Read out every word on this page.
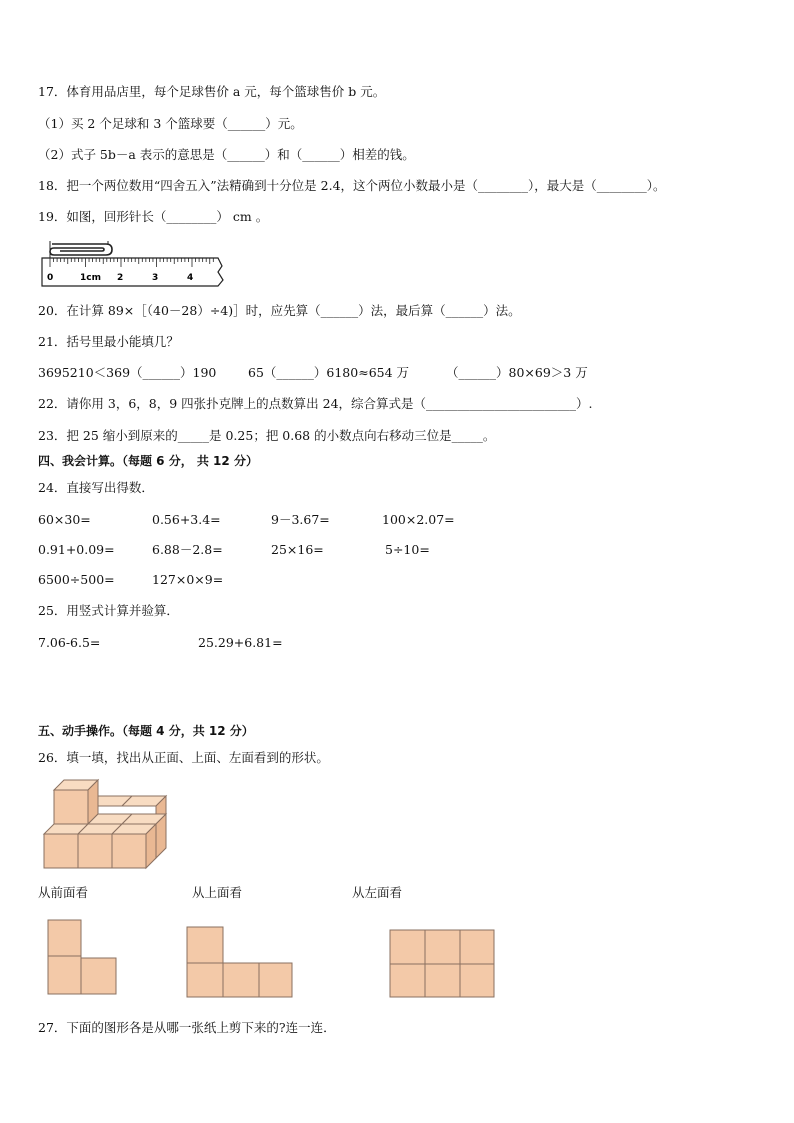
17．体育用品店里，每个足球售价 a 元，每个篮球售价 b 元。
（1）买 2 个足球和 3 个篮球要（______）元。
（2）式子 5b－a 表示的意思是（______）和（______）相差的钱。
18．把一个两位数用“四舍五入”法精确到十分位是 2.4，这个两位小数最小是（________），最大是（________）。
19．如图，回形针长（________） cm 。
0	1cm 2	3	4
20．在计算 89×［（40－28）÷4)］时，应先算（______）法，最后算（______）法。
21．括号里最小能填几？
3695210＜369（______）190	65（______）6180≈654 万	（______）80×69＞3 万
22．请你用 3，6，8，9 四张扑克牌上的点数算出 24，综合算式是（________________________）.
23．把 25 缩小到原来的_____是 0.25；把 0.68 的小数点向右移动三位是_____。
四、我会计算。（每题 6 分， 共 12 分）
24．直接写出得数．
60×30=	0.56+3.4=	9－3.67=	100×2.07=
0.91+0.09=	6.88－2.8=	25×16=	5÷10=
6500÷500=	127×0×9=
25．用竖式计算并验算．
7.06-6.5=	25.29+6.81=
五、动手操作。（每题 4 分，共 12 分）
26．填一填，找出从正面、上面、左面看到的形状。
从前面看	从上面看	从左面看
27．下面的图形各是从哪一张纸上剪下来的?连一连．
